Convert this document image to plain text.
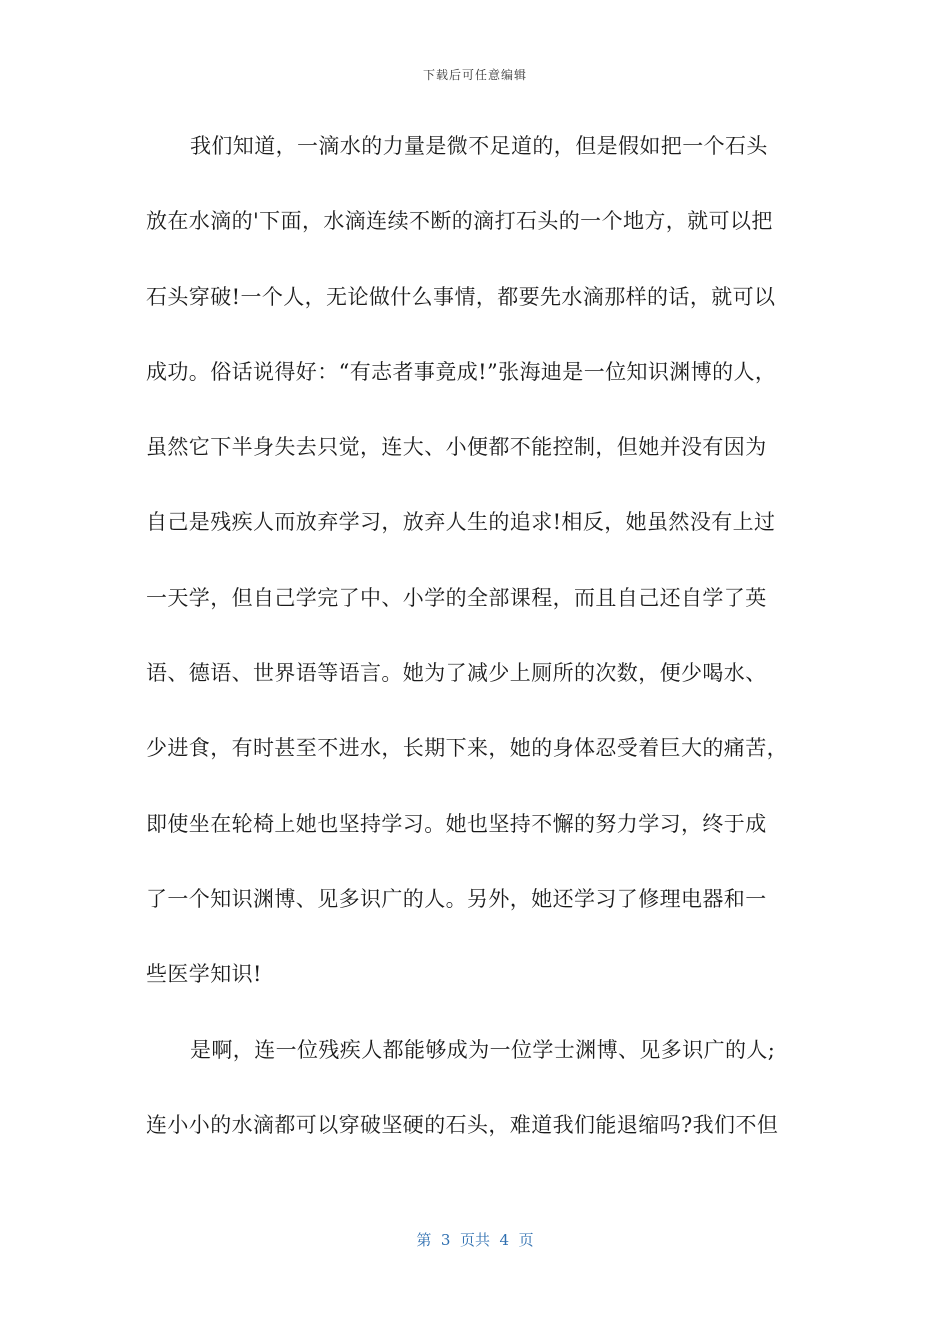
下载后可任意编辑
我们知道，一滴水的力量是微不足道的，但是假如把一个石头
放在水滴的'下面，水滴连续不断的滴打石头的一个地方，就可以把
石头穿破!一个人，无论做什么事情，都要先水滴那样的话，就可以
成功。俗话说得好：“有志者事竟成!”张海迪是一位知识渊博的人，
虽然它下半身失去只觉，连大、小便都不能控制，但她并没有因为
自己是残疾人而放弃学习，放弃人生的追求!相反，她虽然没有上过
一天学，但自己学完了中、小学的全部课程，而且自己还自学了英
语、德语、世界语等语言。她为了减少上厕所的次数，便少喝水、
少进食，有时甚至不进水，长期下来，她的身体忍受着巨大的痛苦，
即使坐在轮椅上她也坚持学习。她也坚持不懈的努力学习，终于成
了一个知识渊博、见多识广的人。另外，她还学习了修理电器和一
些医学知识!
是啊，连一位残疾人都能够成为一位学士渊博、见多识广的人;
连小小的水滴都可以穿破坚硬的石头，难道我们能退缩吗?我们不但
第  3  页共  4  页
